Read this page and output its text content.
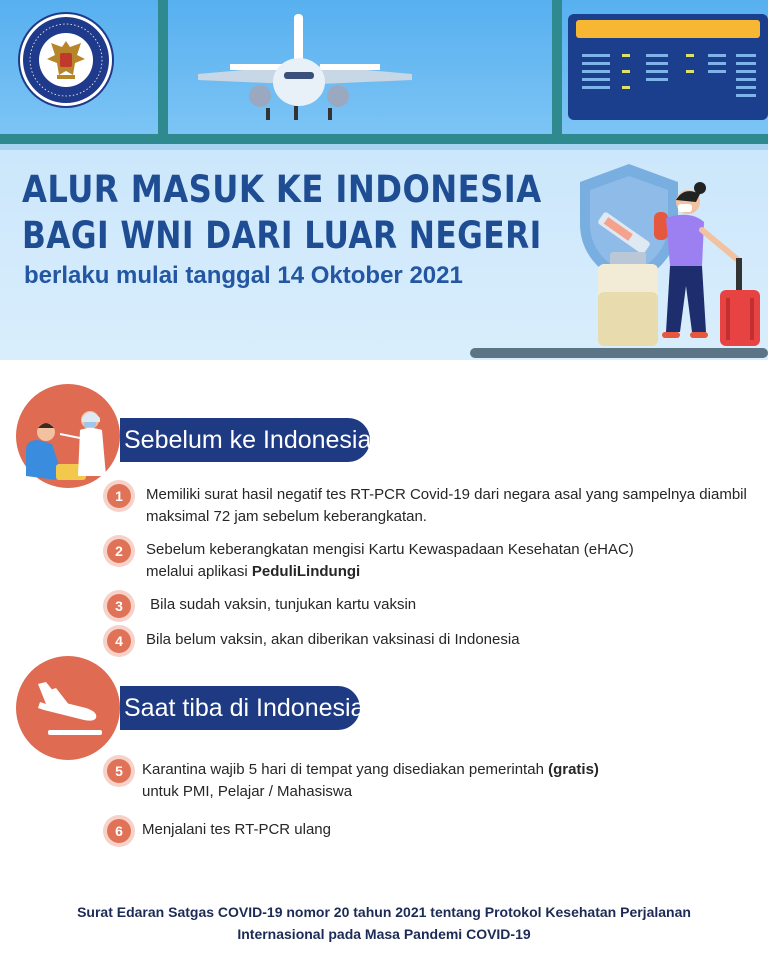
ALUR MASUK KE INDONESIA
BAGI WNI DARI LUAR NEGERI
berlaku mulai tanggal 14 Oktober 2021
Sebelum ke Indonesia
1	Memiliki surat hasil negatif tes RT-PCR Covid-19 dari negara asal yang sampelnya diambil
maksimal 72 jam sebelum keberangkatan.
2	Sebelum keberangkatan mengisi Kartu Kewaspadaan Kesehatan (eHAC)
melalui aplikasi PeduliLindungi
3	Bila sudah vaksin, tunjukan kartu vaksin
4	Bila belum vaksin, akan diberikan vaksinasi di Indonesia
Saat tiba di Indonesia
5	Karantina wajib 5 hari di tempat yang disediakan pemerintah (gratis)
untuk PMI, Pelajar / Mahasiswa
6	Menjalani tes RT-PCR ulang
Surat Edaran Satgas COVID-19 nomor 20 tahun 2021 tentang Protokol Kesehatan Perjalanan
Internasional pada Masa Pandemi COVID-19
